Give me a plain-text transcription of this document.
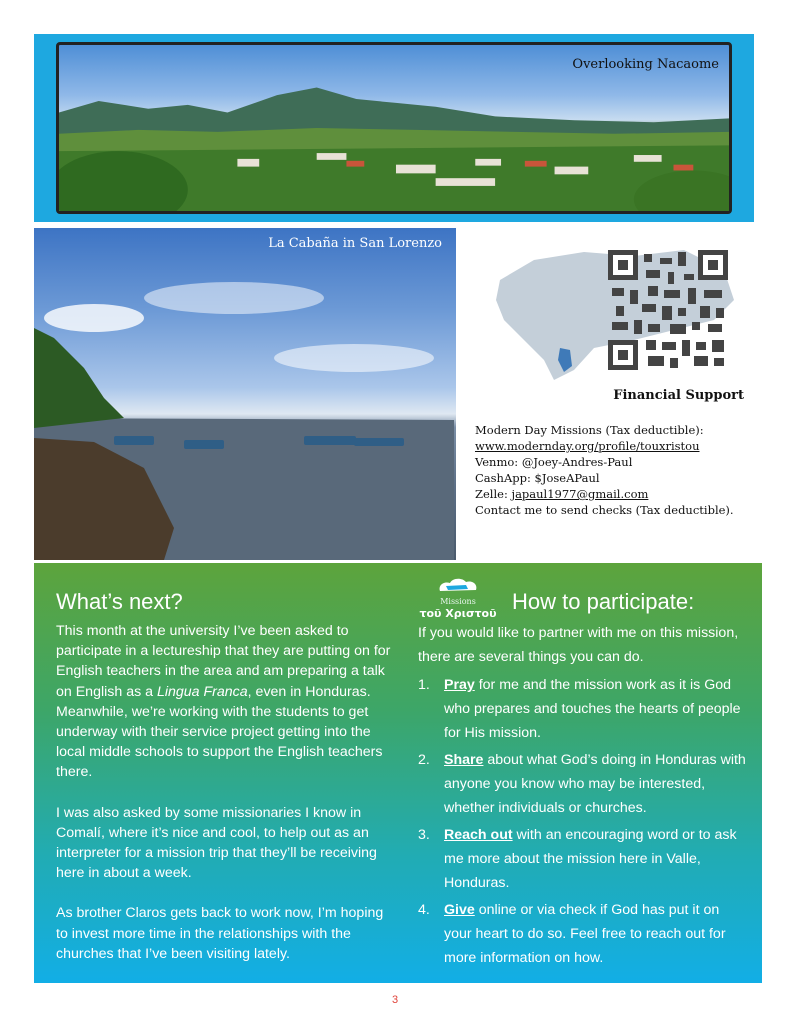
Overlooking Nacaome
La Cabaña in San Lorenzo
Financial Support
Modern Day Missions (Tax deductible):
www.modernday.org/profile/touxristou
Venmo: @Joey-Andres-Paul
CashApp: $JoseAPaul
Zelle: japaul1977@gmail.com
Contact me to send checks (Tax deductible).
What’s next?

This month at the university I’ve been asked to participate in a lectureship that they are putting on for English teachers in the area and am preparing a talk on English as a Lingua Franca, even in Honduras. Meanwhile, we’re working with the students to get underway with their service project getting into the local middle schools to support the English teachers there.

I was also asked by some missionaries I know in Comalí, where it’s nice and cool, to help out as an interpreter for a mission trip that they’ll be receiving here in about a week.

As brother Claros gets back to work now, I’m hoping to invest more time in the relationships with the churches that I’ve been visiting lately.

Missions
τοῦ Χριστοῦ How to participate:

If you would like to partner with me on this mission, there are several things you can do.

1. Pray for me and the mission work as it is God who prepares and touches the hearts of people for His mission.
2. Share about what God’s doing in Honduras with anyone you know who may be interested, whether individuals or churches.
3. Reach out with an encouraging word or to ask me more about the mission here in Valle, Honduras.
4. Give online or via check if God has put it on your heart to do so. Feel free to reach out for more information on how.
3
